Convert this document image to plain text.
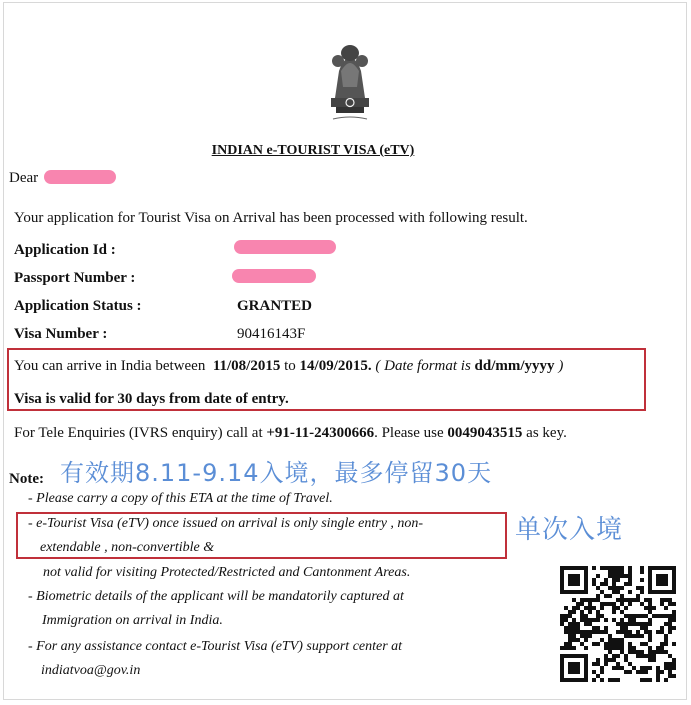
INDIAN e-TOURIST VISA (eTV)
Dear
Your application for Tourist Visa on Arrival has been processed with following result.
Application Id :
Passport Number :
Application Status :	GRANTED
Visa Number :	90416143F
You can arrive in India between 11/08/2015 to 14/09/2015. ( Date format is dd/mm/yyyy )
Visa is valid for 30 days from date of entry.
For Tele Enquiries (IVRS enquiry) call at +91-11-24300666. Please use 0049043515 as key.
Note: 有效期8.11-9.14入境，最多停留30天
- Please carry a copy of this ETA at the time of Travel.
- e-Tourist Visa (eTV) once issued on arrival is only single entry , non-
extendable , non-convertible &
单次入境
not valid for visiting Protected/Restricted and Cantonment Areas.
- Biometric details of the applicant will be mandatorily captured at
Immigration on arrival in India.
- For any assistance contact e-Tourist Visa (eTV) support center at
indiatvoa@gov.in
